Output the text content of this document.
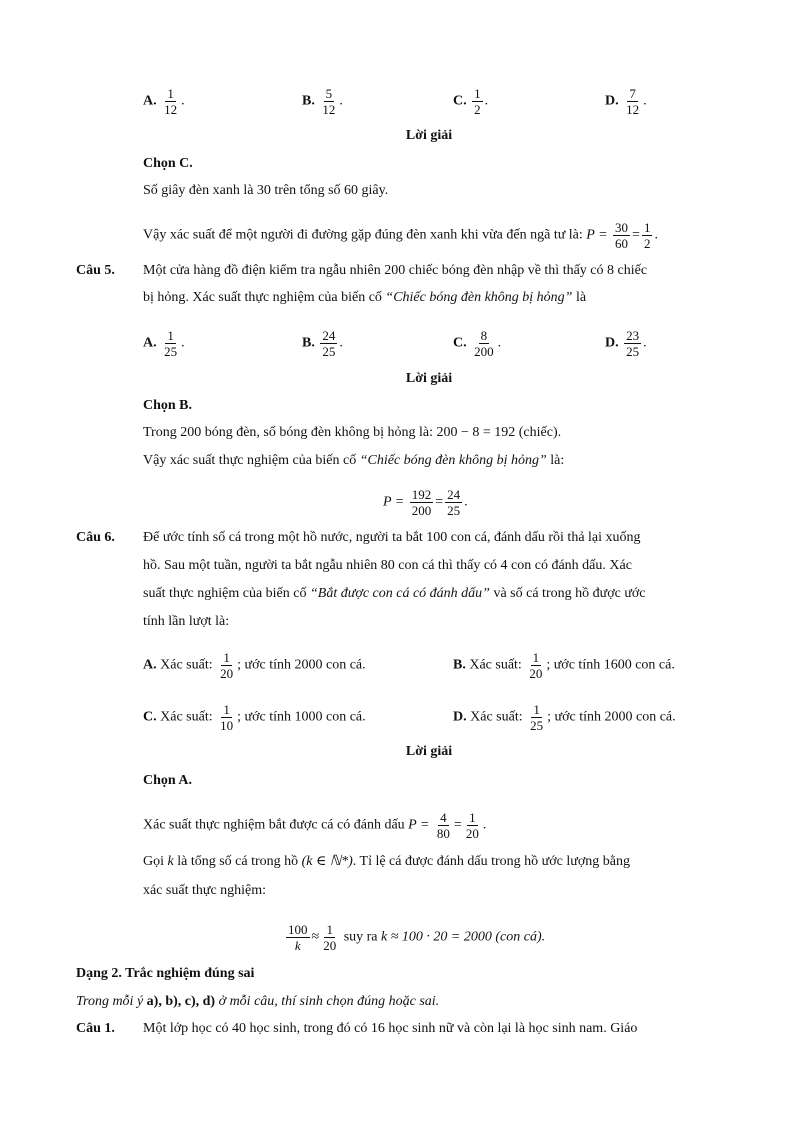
A. $\frac{1}{12}$ .	B. $\frac{5}{12}$ .	C. $\frac{1}{2}$ .	D. $\frac{7}{12}$ .
Lời giải
Chọn C.
Số giây đèn xanh là 30 trên tổng số 60 giây.
Vậy xác suất để một người đi đường gặp đúng đèn xanh khi vừa đến ngã tư là: $P = \frac{30}{60} = \frac{1}{2}$ .
Câu 5. Một cửa hàng đồ điện kiểm tra ngẫu nhiên 200 chiếc bóng đèn nhập về thì thấy có 8 chiếc
bị hỏng. Xác suất thực nghiệm của biến cố “Chiếc bóng đèn không bị hỏng” là
A. $\frac{1}{25}$ .	B. $\frac{24}{25}$ .	C. $\frac{8}{200}$ .	D. $\frac{23}{25}$ .
Lời giải
Chọn B.
Trong 200 bóng đèn, số bóng đèn không bị hỏng là: 200 − 8 = 192 (chiếc).
Vậy xác suất thực nghiệm của biến cố “Chiếc bóng đèn không bị hỏng” là:
$P = \frac{192}{200} = \frac{24}{25}$ .
Câu 6. Để ước tính số cá trong một hồ nước, người ta bắt 100 con cá, đánh dấu rồi thả lại xuống
hồ. Sau một tuần, người ta bắt ngẫu nhiên 80 con cá thì thấy có 4 con có đánh dấu. Xác
suất thực nghiệm của biến cố “Bắt được con cá có đánh dấu” và số cá trong hồ được ước
tính lần lượt là:
A. Xác suất: $\frac{1}{20}$ ; ước tính 2000 con cá.	B. Xác suất: $\frac{1}{20}$ ; ước tính 1600 con cá.
C. Xác suất: $\frac{1}{10}$ ; ước tính 1000 con cá.	D. Xác suất: $\frac{1}{25}$ ; ước tính 2000 con cá.
Lời giải
Chọn A.
Xác suất thực nghiệm bắt được cá có đánh dấu $P = \frac{4}{80} = \frac{1}{20}$ .
Gọi k là tổng số cá trong hồ (k ∈ ℕ*). Tỉ lệ cá được đánh dấu trong hồ ước lượng bằng
xác suất thực nghiệm:
$\frac{100}{k} \approx \frac{1}{20}$ suy ra k ≈ 100 · 20 = 2000 (con cá).
Dạng 2. Trắc nghiệm đúng sai
Trong mỗi ý a), b), c), d) ở mỗi câu, thí sinh chọn đúng hoặc sai.
Câu 1. Một lớp học có 40 học sinh, trong đó có 16 học sinh nữ và còn lại là học sinh nam. Giáo
